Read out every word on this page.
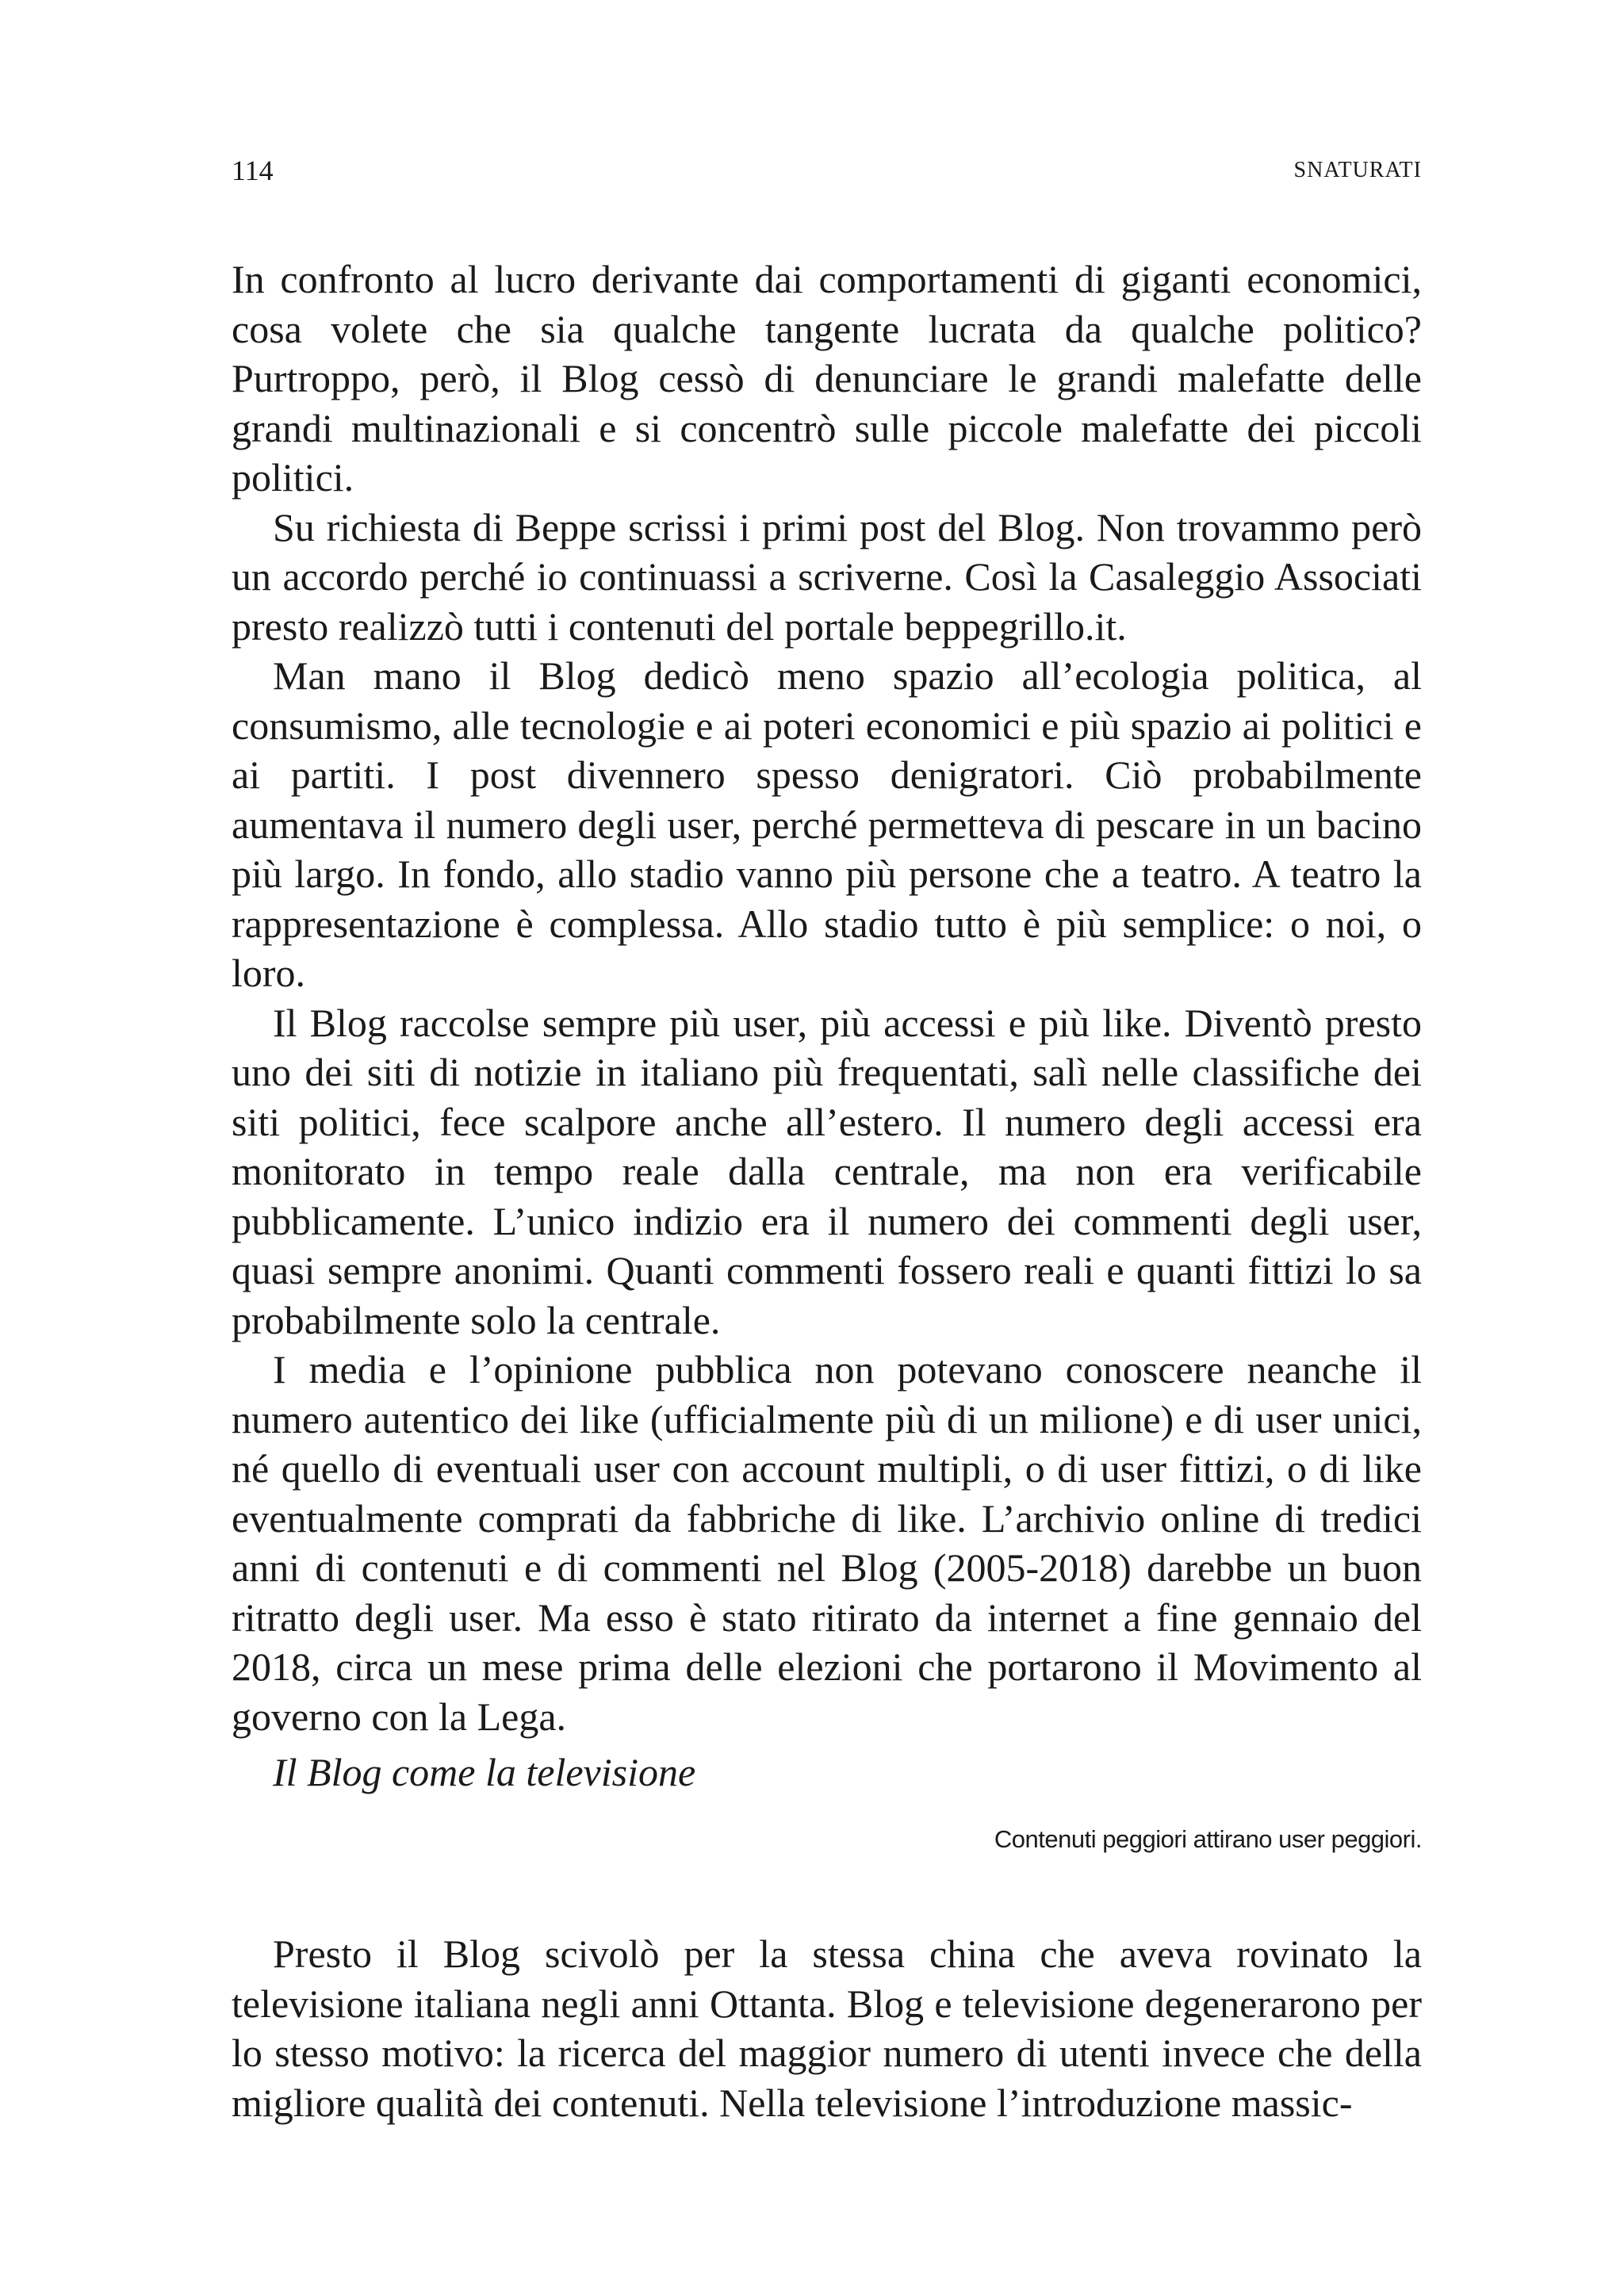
114	SNATURATI

In confronto al lucro derivante dai comportamenti di giganti economici, cosa volete che sia qualche tangente lucrata da qualche politico? Purtroppo, però, il Blog cessò di denunciare le grandi malefatte delle grandi multinazionali e si concentrò sulle piccole malefatte dei piccoli politici.

Su richiesta di Beppe scrissi i primi post del Blog. Non trovammo però un accordo perché io continuassi a scriverne. Così la Casaleggio Associati presto realizzò tutti i contenuti del portale beppegrillo.it.

Man mano il Blog dedicò meno spazio all’ecologia politica, al consumismo, alle tecnologie e ai poteri economici e più spazio ai politici e ai partiti. I post divennero spesso denigratori. Ciò probabilmente aumentava il numero degli user, perché permetteva di pescare in un bacino più largo. In fondo, allo stadio vanno più persone che a teatro. A teatro la rappresentazione è complessa. Allo stadio tutto è più semplice: o noi, o loro.

Il Blog raccolse sempre più user, più accessi e più like. Diventò presto uno dei siti di notizie in italiano più frequentati, salì nelle classifiche dei siti politici, fece scalpore anche all’estero. Il numero degli accessi era monitorato in tempo reale dalla centrale, ma non era verificabile pubblicamente. L’unico indizio era il numero dei commenti degli user, quasi sempre anonimi. Quanti commenti fossero reali e quanti fittizi lo sa probabilmente solo la centrale.

I media e l’opinione pubblica non potevano conoscere neanche il numero autentico dei like (ufficialmente più di un milione) e di user unici, né quello di eventuali user con account multipli, o di user fittizi, o di like eventualmente comprati da fabbriche di like. L’archivio online di tredici anni di contenuti e di commenti nel Blog (2005-2018) darebbe un buon ritratto degli user. Ma esso è stato ritirato da internet a fine gennaio del 2018, circa un mese prima delle elezioni che portarono il Movimento al governo con la Lega.

Il Blog come la televisione
Contenuti peggiori attirano user peggiori.

Presto il Blog scivolò per la stessa china che aveva rovinato la televisione italiana negli anni Ottanta. Blog e televisione degenerarono per lo stesso motivo: la ricerca del maggior numero di utenti invece che della migliore qualità dei contenuti. Nella televisione l’introduzione massic-
